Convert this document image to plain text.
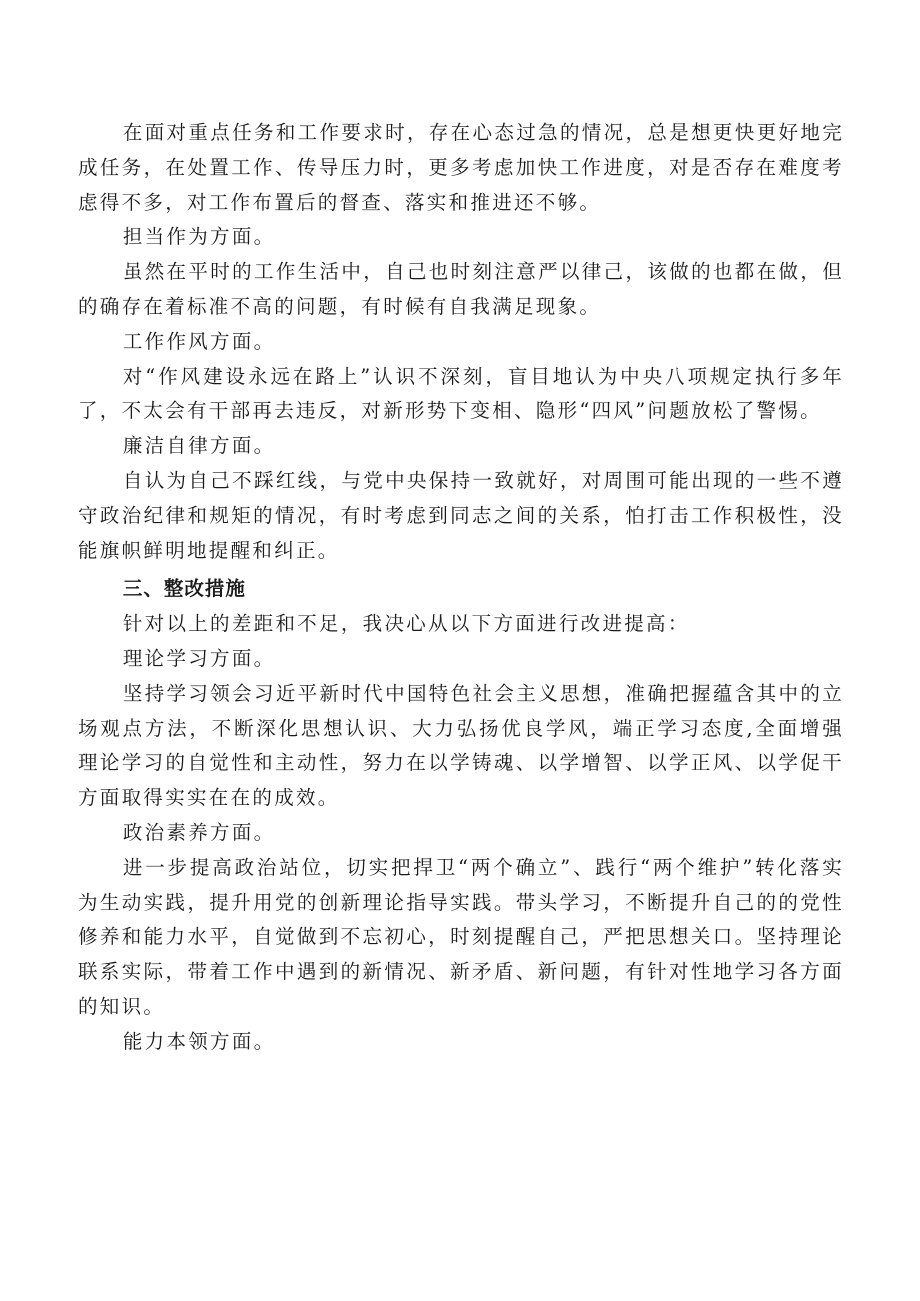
在面对重点任务和工作要求时，存在心态过急的情况，总是想更快更好地完成任务，在处置工作、传导压力时，更多考虑加快工作进度，对是否存在难度考虑得不多，对工作布置后的督查、落实和推进还不够。

担当作为方面。

虽然在平时的工作生活中，自己也时刻注意严以律己，该做的也都在做，但的确存在着标准不高的问题，有时候有自我满足现象。

工作作风方面。

对“作风建设永远在路上”认识不深刻，盲目地认为中央八项规定执行多年了，不太会有干部再去违反，对新形势下变相、隐形“四风”问题放松了警惕。

廉洁自律方面。

自认为自己不踩红线，与党中央保持一致就好，对周围可能出现的一些不遵守政治纪律和规矩的情况，有时考虑到同志之间的关系，怕打击工作积极性，没能旗帜鲜明地提醒和纠正。

三、整改措施

针对以上的差距和不足，我决心从以下方面进行改进提高：

理论学习方面。

坚持学习领会习近平新时代中国特色社会主义思想，准确把握蕴含其中的立场观点方法，不断深化思想认识、大力弘扬优良学风，端正学习态度,全面增强理论学习的自觉性和主动性，努力在以学铸魂、以学增智、以学正风、以学促干方面取得实实在在的成效。

政治素养方面。

进一步提高政治站位，切实把捍卫“两个确立”、践行“两个维护”转化落实为生动实践，提升用党的创新理论指导实践。带头学习，不断提升自己的的党性修养和能力水平，自觉做到不忘初心，时刻提醒自己，严把思想关口。坚持理论联系实际，带着工作中遇到的新情况、新矛盾、新问题，有针对性地学习各方面的知识。

能力本领方面。
